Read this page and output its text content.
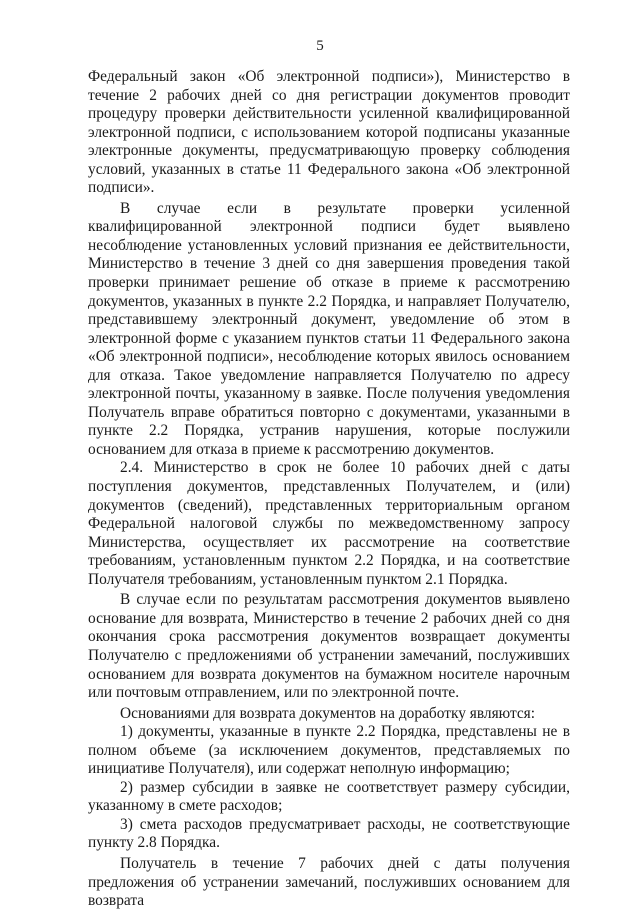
5

Федеральный закон «Об электронной подписи»), Министерство в течение 2 рабочих дней со дня регистрации документов проводит процедуру проверки действительности усиленной квалифицированной электронной подписи, с использованием которой подписаны указанные электронные документы, предусматривающую проверку соблюдения условий, указанных в статье 11 Федерального закона «Об электронной подписи».

В случае если в результате проверки усиленной квалифицированной электронной подписи будет выявлено несоблюдение установленных условий признания ее действительности, Министерство в течение 3 дней со дня завершения проведения такой проверки принимает решение об отказе в приеме к рассмотрению документов, указанных в пункте 2.2 Порядка, и направляет Получателю, представившему электронный документ, уведомление об этом в электронной форме с указанием пунктов статьи 11 Федерального закона «Об электронной подписи», несоблюдение которых явилось основанием для отказа. Такое уведомление направляется Получателю по адресу электронной почты, указанному в заявке. После получения уведомления Получатель вправе обратиться повторно с документами, указанными в пункте 2.2 Порядка, устранив нарушения, которые послужили основанием для отказа в приеме к рассмотрению документов.

2.4. Министерство в срок не более 10 рабочих дней с даты поступления документов, представленных Получателем, и (или) документов (сведений), представленных территориальным органом Федеральной налоговой службы по межведомственному запросу Министерства, осуществляет их рассмотрение на соответствие требованиям, установленным пунктом 2.2 Порядка, и на соответствие Получателя требованиям, установленным пунктом 2.1 Порядка.

В случае если по результатам рассмотрения документов выявлено основание для возврата, Министерство в течение 2 рабочих дней со дня окончания срока рассмотрения документов возвращает документы Получателю с предложениями об устранении замечаний, послуживших основанием для возврата документов на бумажном носителе нарочным или почтовым отправлением, или по электронной почте.

Основаниями для возврата документов на доработку являются:

1) документы, указанные в пункте 2.2 Порядка, представлены не в полном объеме (за исключением документов, представляемых по инициативе Получателя), или содержат неполную информацию;

2) размер субсидии в заявке не соответствует размеру субсидии, указанному в смете расходов;

3) смета расходов предусматривает расходы, не соответствующие пункту 2.8 Порядка.

Получатель в течение 7 рабочих дней с даты получения предложения об устранении замечаний, послуживших основанием для возврата
